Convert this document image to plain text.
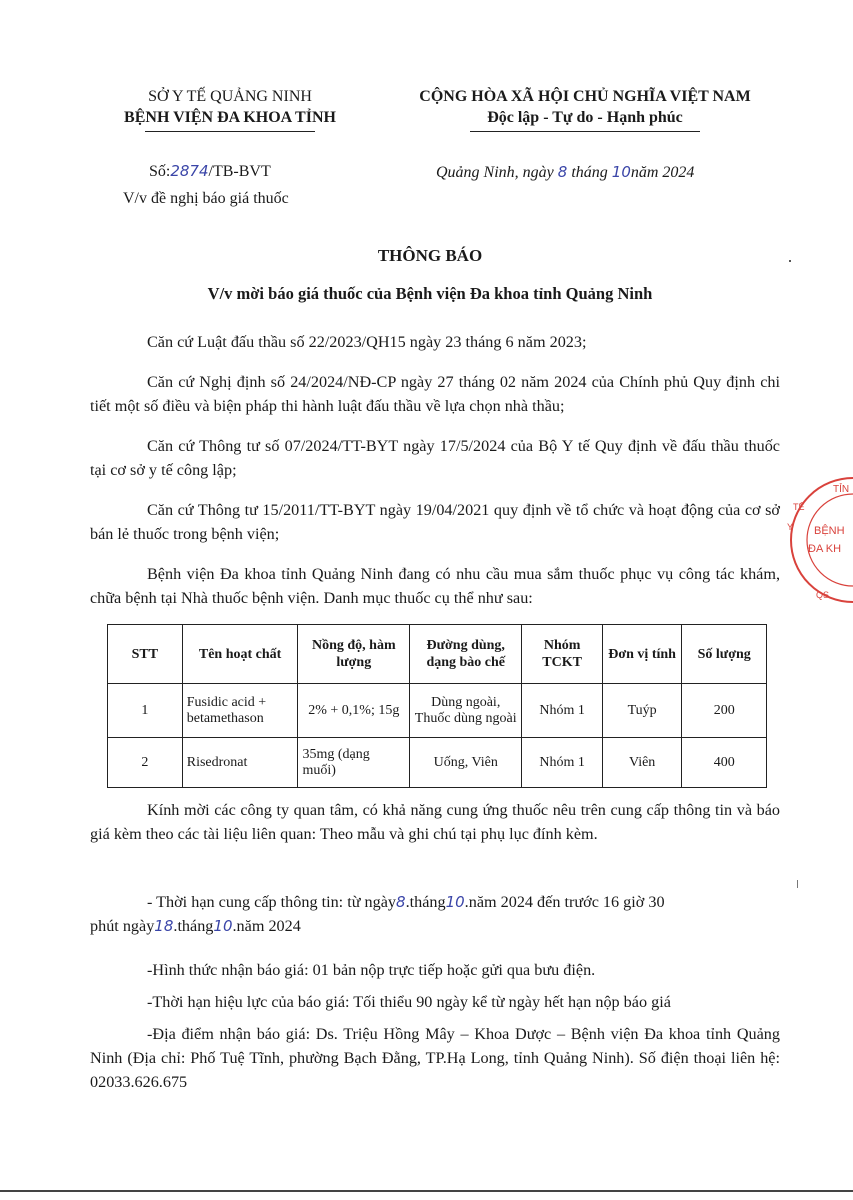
SỞ Y TẾ QUẢNG NINH
BỆNH VIỆN ĐA KHOA TỈNH
CỘNG HÒA XÃ HỘI CHỦ NGHĨA VIỆT NAM
Độc lập - Tự do - Hạnh phúc
Số:2874/TB-BVT
V/v đề nghị báo giá thuốc
Quảng Ninh, ngày 8 tháng 10năm 2024
THÔNG BÁO
V/v mời báo giá thuốc của Bệnh viện Đa khoa tỉnh Quảng Ninh
Căn cứ Luật đấu thầu số 22/2023/QH15 ngày 23 tháng 6 năm 2023;
Căn cứ Nghị định số 24/2024/NĐ-CP ngày 27 tháng 02 năm 2024 của Chính phủ Quy định chi tiết một số điều và biện pháp thi hành luật đấu thầu về lựa chọn nhà thầu;
Căn cứ Thông tư số 07/2024/TT-BYT ngày 17/5/2024 của Bộ Y tế Quy định về đấu thầu thuốc tại cơ sở y tế công lập;
Căn cứ Thông tư 15/2011/TT-BYT ngày 19/04/2021 quy định về tổ chức và hoạt động của cơ sở bán lẻ thuốc trong bệnh viện;
Bệnh viện Đa khoa tỉnh Quảng Ninh đang có nhu cầu mua sắm thuốc phục vụ công tác khám, chữa bệnh tại Nhà thuốc bệnh viện. Danh mục thuốc cụ thể như sau:
STT	Tên hoạt chất	Nồng độ, hàm lượng	Đường dùng, dạng bào chế	Nhóm TCKT	Đơn vị tính	Số lượng
1	Fusidic acid + betamethason	2% + 0,1%; 15g	Dùng ngoài, Thuốc dùng ngoài	Nhóm 1	Tuýp	200
2	Risedronat	35mg (dạng muối)	Uống, Viên	Nhóm 1	Viên	400
Kính mời các công ty quan tâm, có khả năng cung ứng thuốc nêu trên cung cấp thông tin và báo giá kèm theo các tài liệu liên quan: Theo mẫu và ghi chú tại phụ lục đính kèm.
- Thời hạn cung cấp thông tin: từ ngày8.tháng10.năm 2024 đến trước 16 giờ 30
phút ngày18.tháng10.năm 2024
-Hình thức nhận báo giá: 01 bản nộp trực tiếp hoặc gửi qua bưu điện.
-Thời hạn hiệu lực của báo giá: Tối thiểu 90 ngày kể từ ngày hết hạn nộp báo giá
-Địa điểm nhận báo giá: Ds. Triệu Hồng Mây – Khoa Dược – Bệnh viện Đa khoa tỉnh Quảng Ninh (Địa chỉ: Phố Tuệ Tĩnh, phường Bạch Đằng, TP.Hạ Long, tỉnh Quảng Ninh). Số điện thoại liên hệ: 02033.626.675
TỈN
BỆNH
ĐA KH
Y
TẾ
QS
